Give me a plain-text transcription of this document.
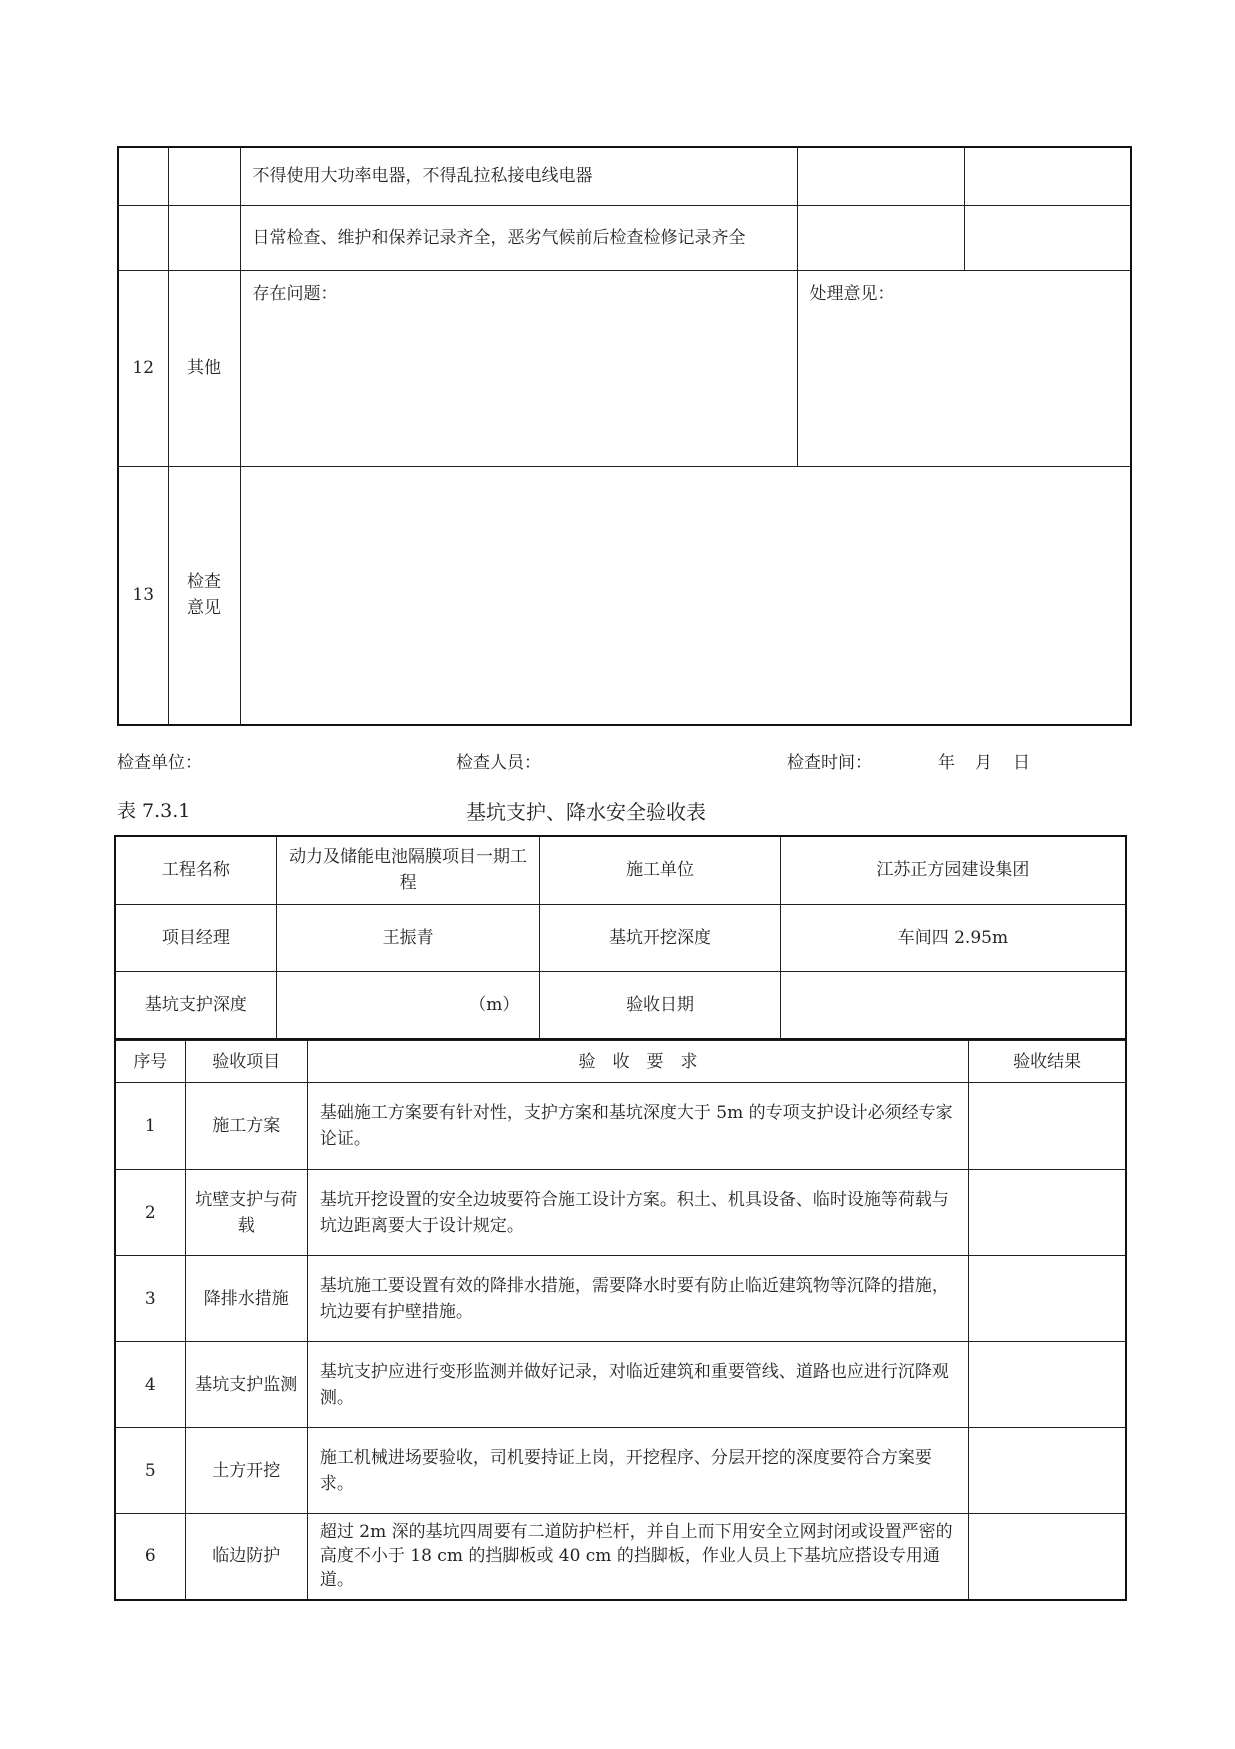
		不得使用大功率电器，不得乱拉私接电线电器		
		日常检查、维护和保养记录齐全，恶劣气候前后检查检修记录齐全		
12	其他	存在问题：	处理意见：	
13	检查
意见			

检查单位：	检查人员：	检查时间：	年 月 日
表 7.3.1	基坑支护、降水安全验收表
工程名称	动力及储能电池隔膜项目一期工程	施工单位	江苏正方园建设集团
项目经理	王振青	基坑开挖深度	车间四 2.95m
基坑支护深度	（m）	验收日期	
序号	验收项目	验　收　要　求	验收结果
1	施工方案	基础施工方案要有针对性，支护方案和基坑深度大于 5m 的专项支护设计必须经专家论证。	
2	坑壁支护与荷载	基坑开挖设置的安全边坡要符合施工设计方案。积土、机具设备、临时设施等荷载与坑边距离要大于设计规定。	
3	降排水措施	基坑施工要设置有效的降排水措施，需要降水时要有防止临近建筑物等沉降的措施，坑边要有护壁措施。	
4	基坑支护监测	基坑支护应进行变形监测并做好记录，对临近建筑和重要管线、道路也应进行沉降观测。	
5	土方开挖	施工机械进场要验收，司机要持证上岗，开挖程序、分层开挖的深度要符合方案要求。	
6	临边防护	超过 2m 深的基坑四周要有二道防护栏杆，并自上而下用安全立网封闭或设置严密的高度不小于 18 cm 的挡脚板或 40 cm 的挡脚板，作业人员上下基坑应搭设专用通道。	
